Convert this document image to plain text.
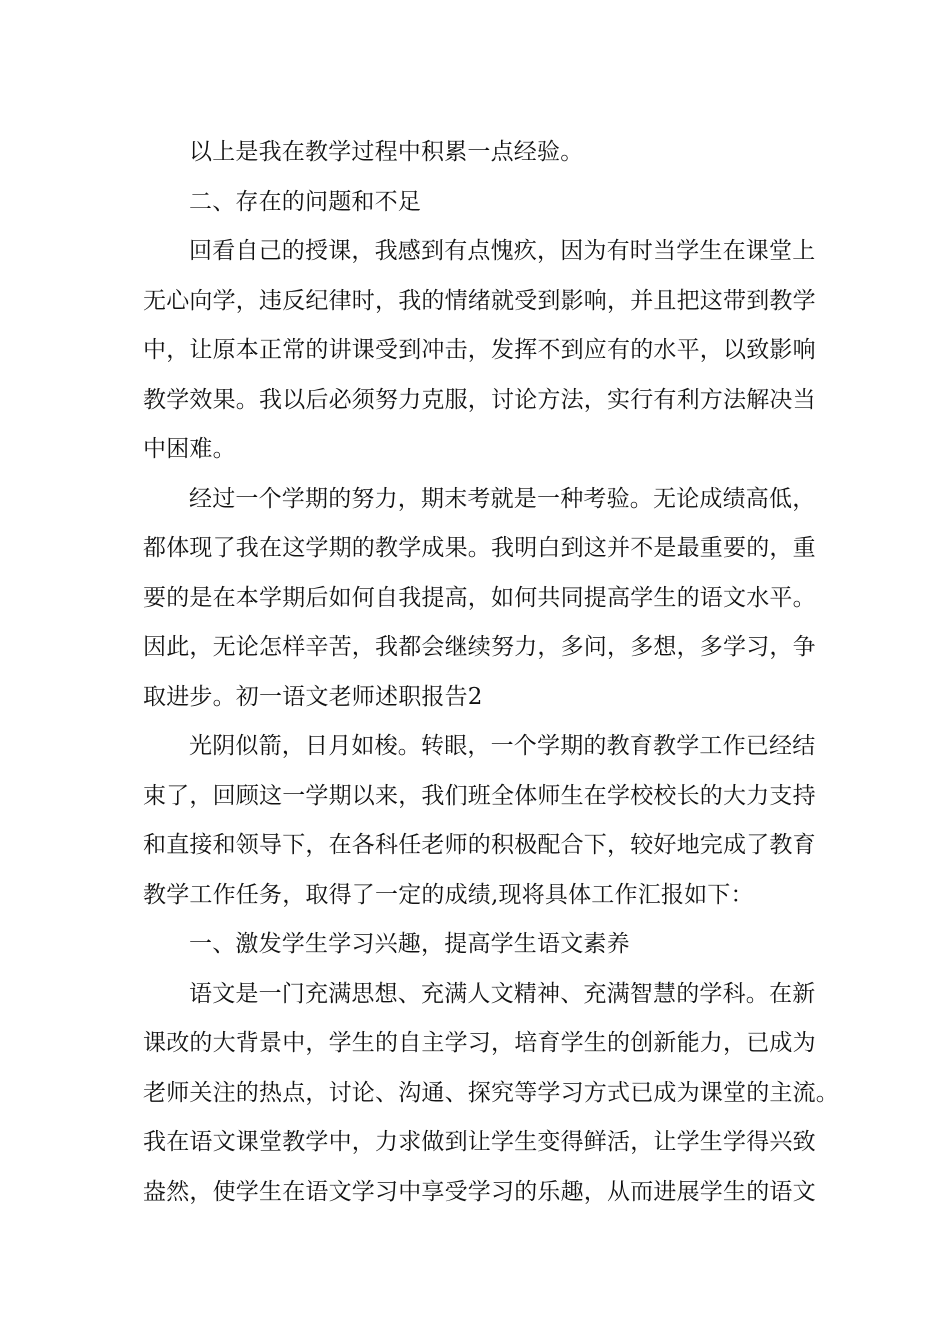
以上是我在教学过程中积累一点经验。
二、存在的问题和不足
回看自己的授课，我感到有点愧疚，因为有时当学生在课堂上
无心向学，违反纪律时，我的情绪就受到影响，并且把这带到教学
中，让原本正常的讲课受到冲击，发挥不到应有的水平，以致影响
教学效果。我以后必须努力克服，讨论方法，实行有利方法解决当
中困难。
经过一个学期的努力，期末考就是一种考验。无论成绩高低，
都体现了我在这学期的教学成果。我明白到这并不是最重要的，重
要的是在本学期后如何自我提高，如何共同提高学生的语文水平。
因此，无论怎样辛苦，我都会继续努力，多问，多想，多学习，争
取进步。初一语文老师述职报告2
光阴似箭，日月如梭。转眼，一个学期的教育教学工作已经结
束了，回顾这一学期以来，我们班全体师生在学校校长的大力支持
和直接和领导下，在各科任老师的积极配合下，较好地完成了教育
教学工作任务，取得了一定的成绩,现将具体工作汇报如下：
一、激发学生学习兴趣，提高学生语文素养
语文是一门充满思想、充满人文精神、充满智慧的学科。在新
课改的大背景中，学生的自主学习，培育学生的创新能力，已成为
老师关注的热点，讨论、沟通、探究等学习方式已成为课堂的主流。
我在语文课堂教学中，力求做到让学生变得鲜活，让学生学得兴致
盎然，使学生在语文学习中享受学习的乐趣，从而进展学生的语文
